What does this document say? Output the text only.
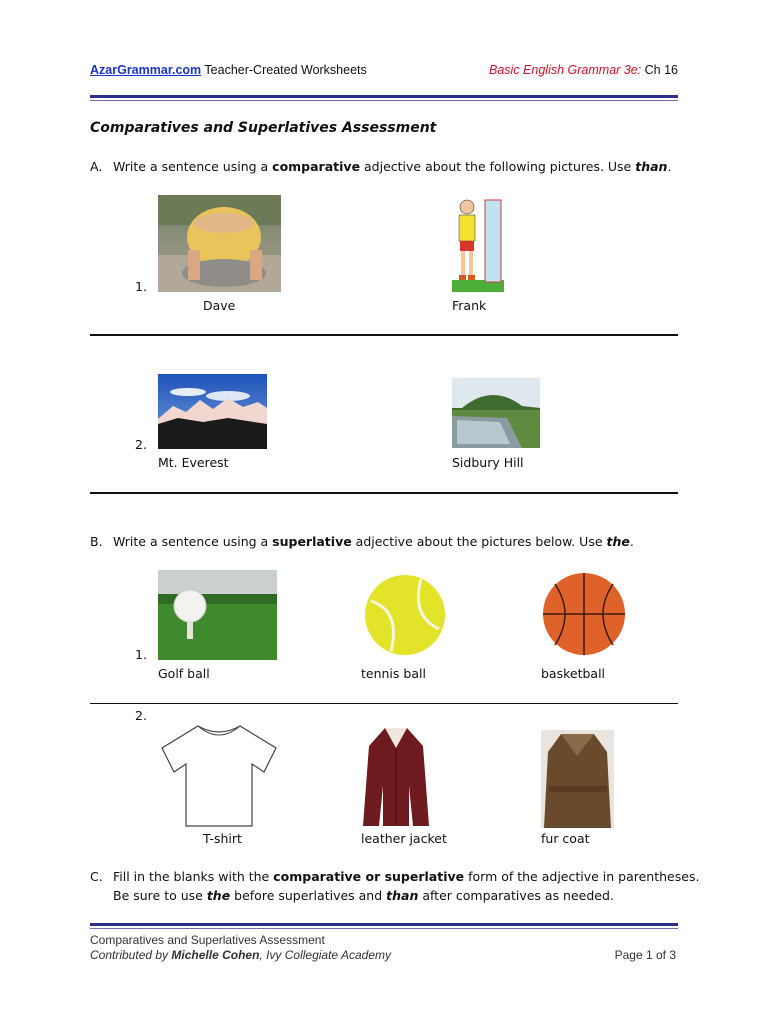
AzarGrammar.com Teacher-Created Worksheets	Basic English Grammar 3e: Ch 16
Comparatives and Superlatives Assessment
A. Write a sentence using a comparative adjective about the following pictures. Use than.
1.
Dave	Frank
2.
Mt. Everest	Sidbury Hill
B. Write a sentence using a superlative adjective about the pictures below. Use the.
1.
Golf ball	tennis ball	basketball
2.
T-shirt	leather jacket	fur coat
C. Fill in the blanks with the comparative or superlative form of the adjective in parentheses.
Be sure to use the before superlatives and than after comparatives as needed.
Comparatives and Superlatives Assessment
Contributed by Michelle Cohen, Ivy Collegiate Academy	Page 1 of 3
